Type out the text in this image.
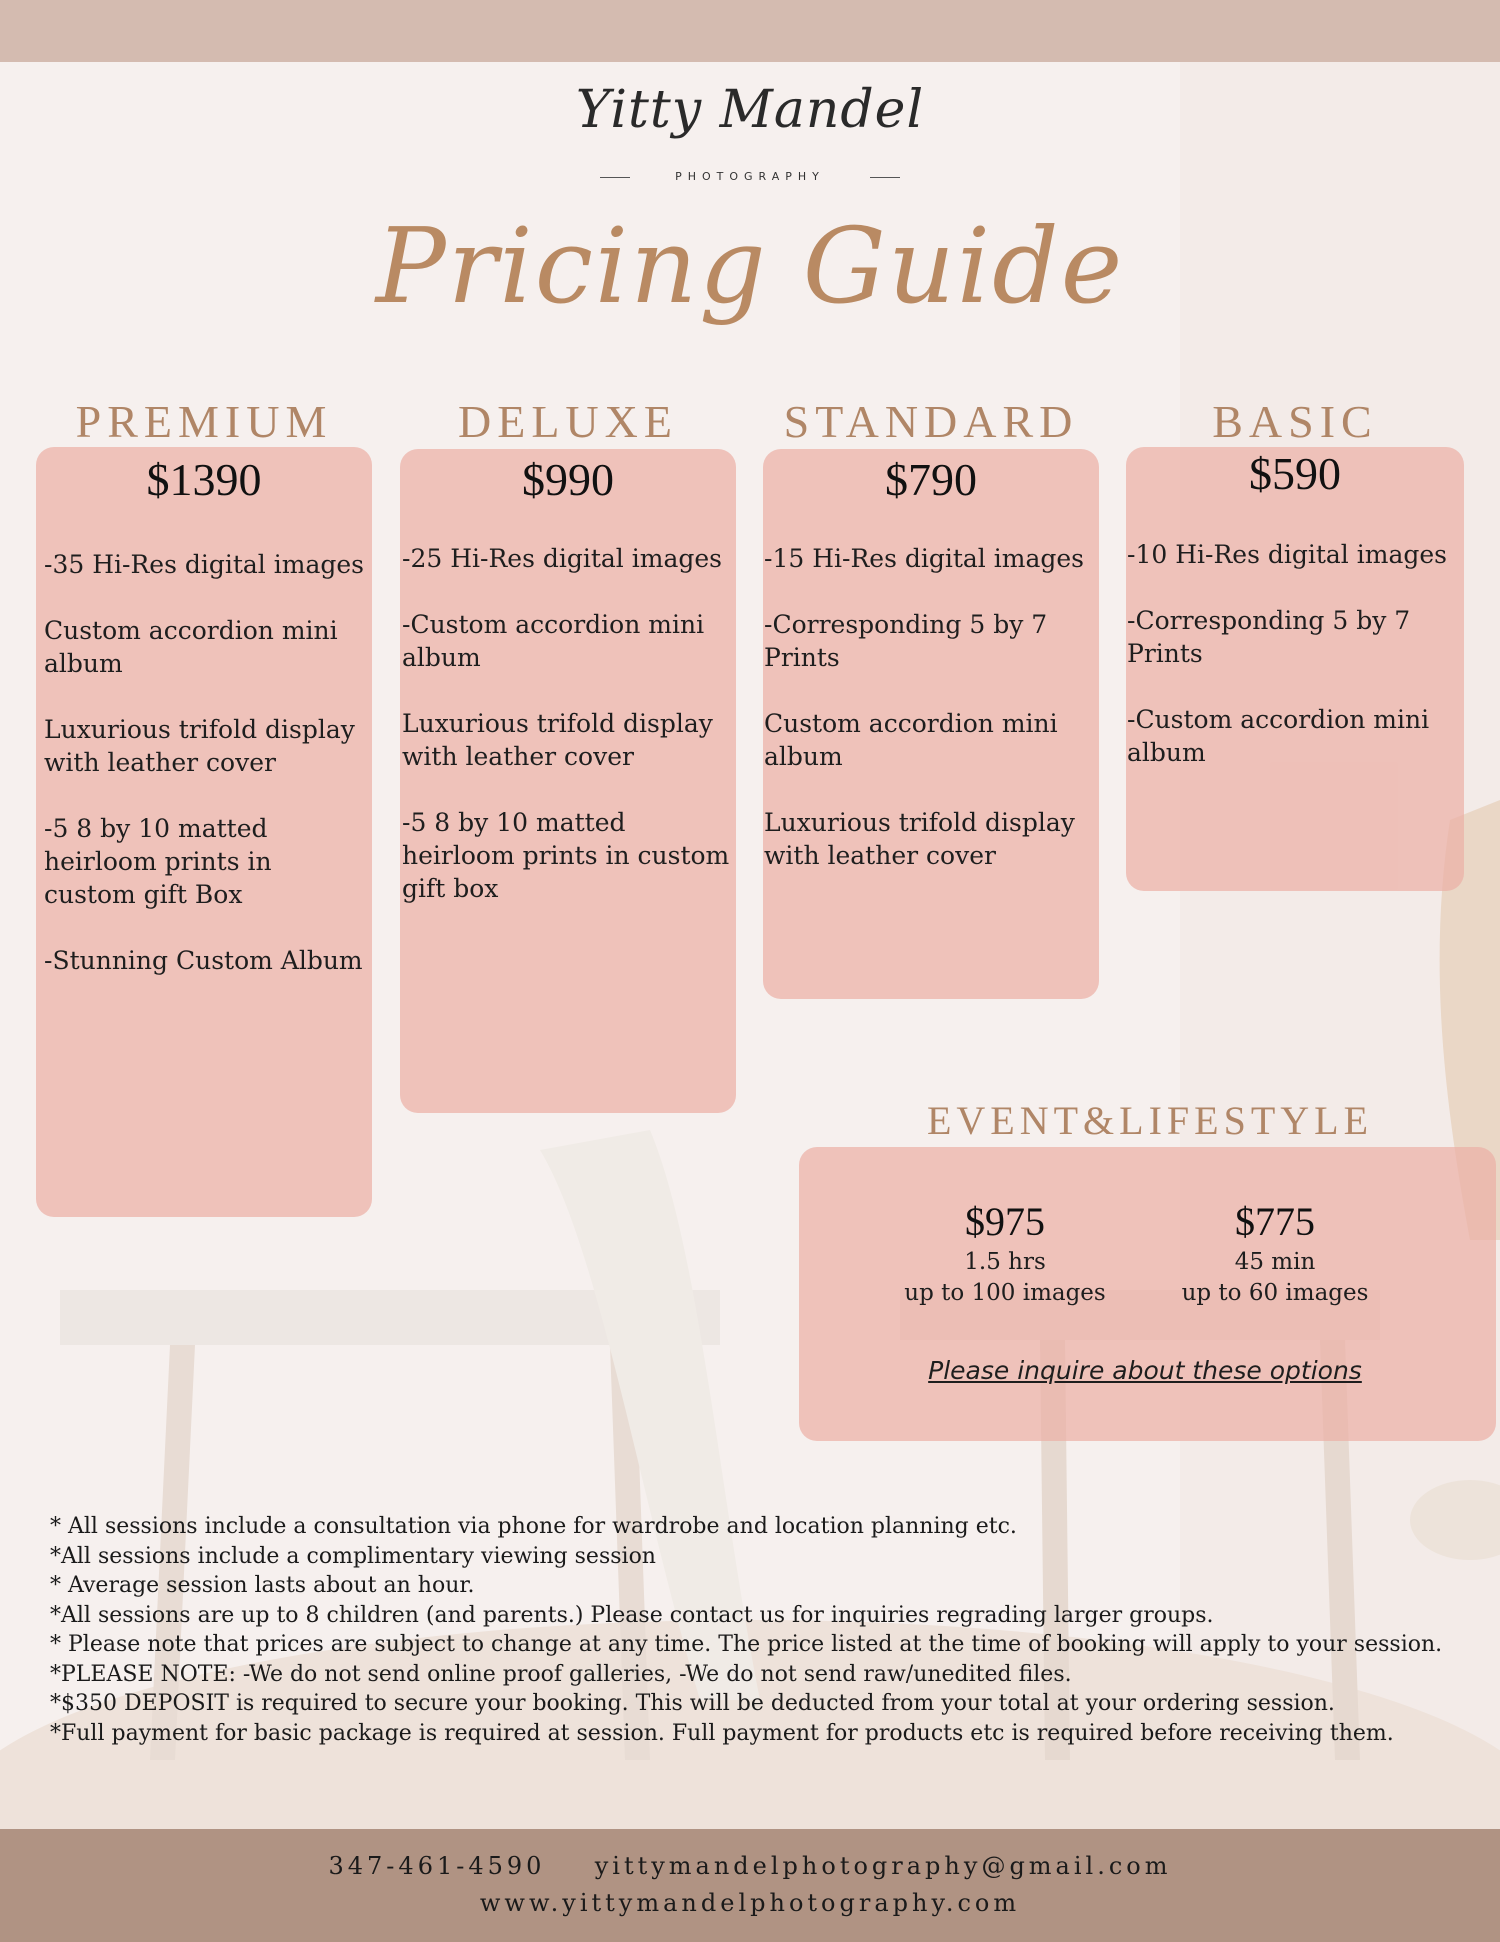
Yitty Mandel
PHOTOGRAPHY
Pricing Guide
PREMIUM
$1390

-35 Hi-Res digital images

Custom accordion mini album

Luxurious trifold display with leather cover

-5 8 by 10 matted heirloom prints in custom gift Box

-Stunning Custom Album

DELUXE
$990

-25 Hi-Res digital images

-Custom accordion mini album

Luxurious trifold display with leather cover

-5 8 by 10 matted heirloom prints in custom gift box

STANDARD
$790

-15 Hi-Res digital images

-Corresponding 5 by 7 Prints

Custom accordion mini album

Luxurious trifold display with leather cover

BASIC
$590

-10 Hi-Res digital images

-Corresponding 5 by 7 Prints

-Custom accordion mini album

EVENT&LIFESTYLE
$975
1.5 hrs
up to 100 images
$775
45 min
up to 60 images
Please inquire about these options
* All sessions include a consultation via phone for wardrobe and location planning etc.
*All sessions include a complimentary viewing session
* Average session lasts about an hour.
*All sessions are up to 8 children (and parents.) Please contact us for inquiries regrading larger groups.
* Please note that prices are subject to change at any time. The price listed at the time of booking will apply to your session.
*PLEASE NOTE: -We do not send online proof galleries, -We do not send raw/unedited files.
*$350 DEPOSIT is required to secure your booking. This will be deducted from your total at your ordering session.
*Full payment for basic package is required at session. Full payment for products etc is required before receiving them.
347-461-4590 yittymandelphotography@gmail.com
www.yittymandelphotography.com
